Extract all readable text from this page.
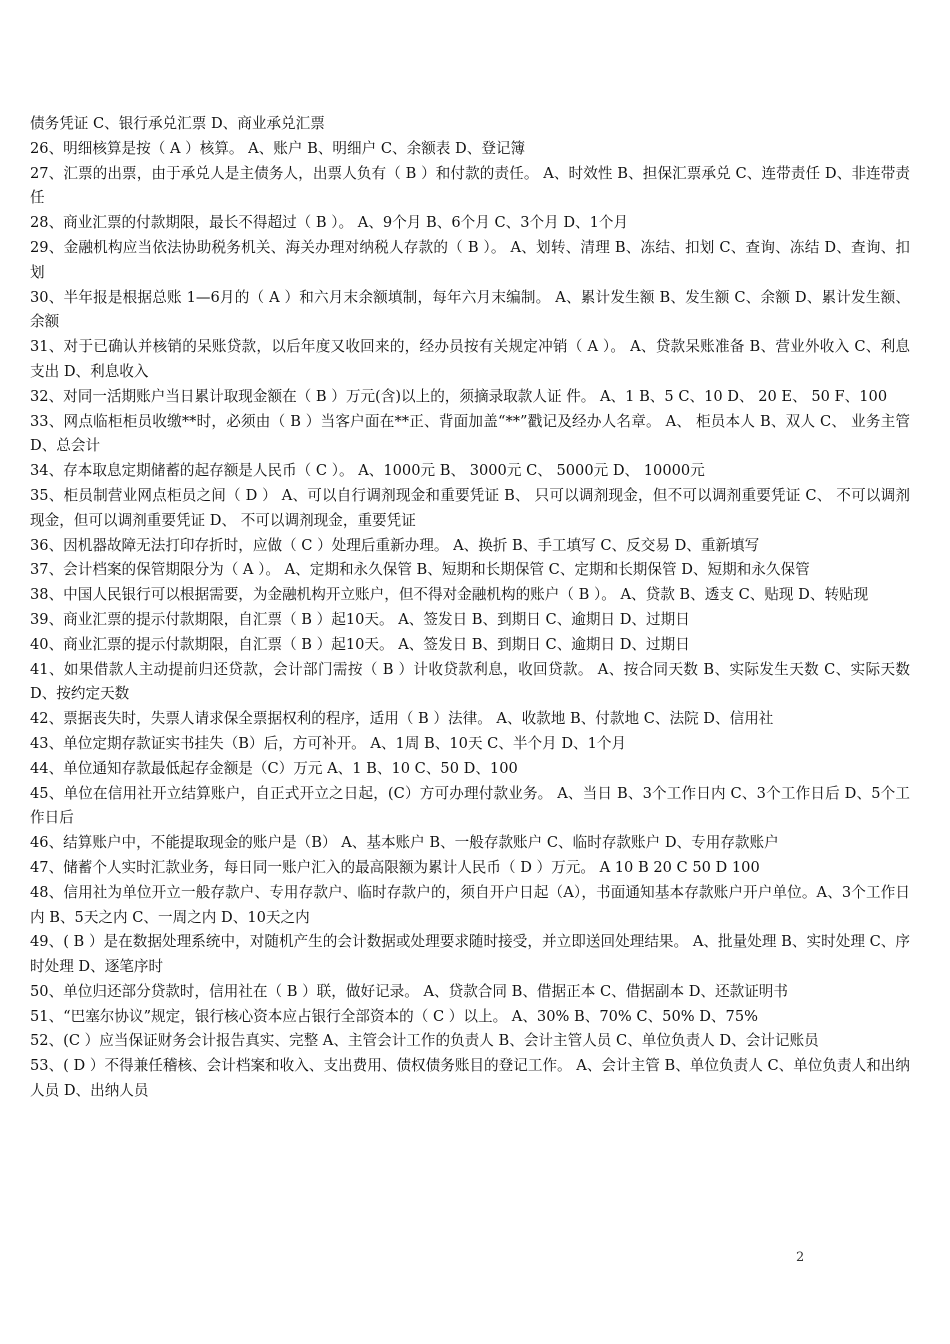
债务凭证 C、银行承兑汇票 D、商业承兑汇票

26、明细核算是按（ A ）核算。 A、账户 B、明细户 C、余额表 D、登记簿

27、汇票的出票，由于承兑人是主债务人，出票人负有（ B ）和付款的责任。 A、时效性 B、担保汇票承兑 C、连带责任 D、非连带责任

28、商业汇票的付款期限，最长不得超过（ B ）。 A、9个月 B、6个月 C、3个月 D、1个月

29、金融机构应当依法协助税务机关、海关办理对纳税人存款的（ B ）。 A、划转、清理 B、冻结、扣划 C、查询、冻结 D、查询、扣划

30、半年报是根据总账 1—6月的（ A ）和六月末余额填制，每年六月末编制。 A、累计发生额 B、发生额 C、余额 D、累计发生额、余额

31、对于已确认并核销的呆账贷款，以后年度又收回来的，经办员按有关规定冲销（ A ）。 A、贷款呆账准备 B、营业外收入 C、利息支出 D、利息收入

32、对同一活期账户当日累计取现金额在（ B ）万元(含)以上的，须摘录取款人证 件。 A、1 B、5 C、10 D、 20 E、 50 F、100

33、网点临柜柜员收缴**时，必须由（ B ）当客户面在**正、背面加盖“**”戳记及经办人名章。 A、 柜员本人 B、双人 C、 业务主管 D、总会计

34、存本取息定期储蓄的起存额是人民币（ C ）。 A、1000元 B、 3000元 C、 5000元 D、 10000元

35、柜员制营业网点柜员之间（ D ） A、可以自行调剂现金和重要凭证 B、 只可以调剂现金，但不可以调剂重要凭证 C、 不可以调剂现金，但可以调剂重要凭证 D、 不可以调剂现金，重要凭证

36、因机器故障无法打印存折时，应做（ C ）处理后重新办理。 A、换折 B、手工填写 C、反交易 D、重新填写

37、会计档案的保管期限分为（ A ）。 A、定期和永久保管 B、短期和长期保管 C、定期和长期保管 D、短期和永久保管

38、中国人民银行可以根据需要，为金融机构开立账户，但不得对金融机构的账户（ B ）。 A、贷款 B、透支 C、贴现 D、转贴现

39、商业汇票的提示付款期限，自汇票（ B ）起10天。 A、签发日 B、到期日 C、逾期日 D、过期日

40、商业汇票的提示付款期限，自汇票（ B ）起10天。 A、签发日 B、到期日 C、逾期日 D、过期日

41、如果借款人主动提前归还贷款，会计部门需按（ B ）计收贷款利息，收回贷款。 A、按合同天数 B、实际发生天数 C、实际天数 D、按约定天数

42、票据丧失时，失票人请求保全票据权利的程序，适用（ B ）法律。 A、收款地 B、付款地 C、法院 D、信用社

43、单位定期存款证实书挂失（B）后，方可补开。 A、1周 B、10天 C、半个月 D、1个月

44、单位通知存款最低起存金额是（C）万元 A、1 B、10 C、50 D、100

45、单位在信用社开立结算账户，自正式开立之日起，(C）方可办理付款业务。 A、当日 B、3个工作日内 C、3个工作日后 D、5个工作日后

46、结算账户中，不能提取现金的账户是（B） A、基本账户 B、一般存款账户 C、临时存款账户 D、专用存款账户

47、储蓄个人实时汇款业务，每日同一账户汇入的最高限额为累计人民币（ D ）万元。 A 10 B 20 C 50 D 100

48、信用社为单位开立一般存款户、专用存款户、临时存款户的，须自开户日起（A），书面通知基本存款账户开户单位。A、3个工作日内 B、5天之内 C、一周之内 D、10天之内

49、( B ）是在数据处理系统中，对随机产生的会计数据或处理要求随时接受，并立即送回处理结果。 A、批量处理 B、实时处理 C、序时处理 D、逐笔序时

50、单位归还部分贷款时，信用社在（ B ）联，做好记录。 A、贷款合同 B、借据正本 C、借据副本 D、还款证明书

51、“巴塞尔协议”规定，银行核心资本应占银行全部资本的（ C ）以上。 A、30% B、70% C、50% D、75%

52、(C ）应当保证财务会计报告真实、完整 A、主管会计工作的负责人 B、会计主管人员 C、单位负责人 D、会计记账员

53、( D ）不得兼任稽核、会计档案和收入、支出费用、债权债务账目的登记工作。 A、会计主管 B、单位负责人 C、单位负责人和出纳人员 D、出纳人员

2
